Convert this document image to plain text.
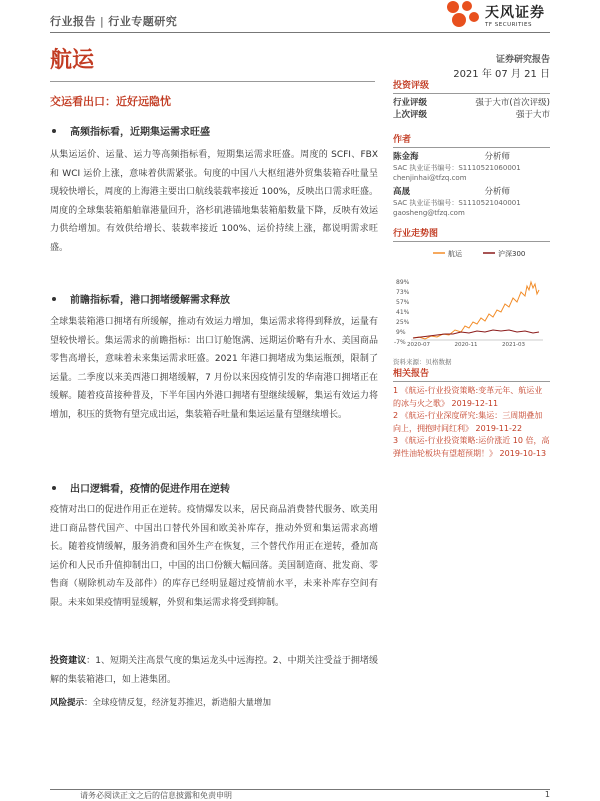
行业报告 | 行业专题研究
天风证券
TF SECURITIES
航运	证券研究报告
2021 年 07 月 21 日
交运看出口：近好远隐忧
高频指标看，近期集运需求旺盛
从集运运价、运量、运力等高频指标看，短期集运需求旺盛。周度的 SCFI、FBX 和 WCI 运价上涨，意味着供需紧张。旬度的中国八大枢纽港外贸集装箱吞吐量呈现较快增长，周度的上海港主要出口航线装载率接近 100%，反映出口需求旺盛。周度的全球集装箱船舶靠港量回升，洛杉矶港锚地集装箱船数量下降，反映有效运力供给增加。有效供给增长、装载率接近 100%、运价持续上涨，都说明需求旺盛。
前瞻指标看，港口拥堵缓解需求释放
全球集装箱港口拥堵有所缓解，推动有效运力增加，集运需求将得到释放，运量有望较快增长。集运需求的前瞻指标：出口订舱饱满、远期运价略有升水、美国商品零售高增长，意味着未来集运需求旺盛。2021 年港口拥堵成为集运瓶颈，限制了运量。二季度以来美西港口拥堵缓解，7 月份以来因疫情引发的华南港口拥堵正在缓解。随着疫苗接种普及，下半年国内外港口拥堵有望继续缓解，集运有效运力将增加，积压的货物有望完成出运，集装箱吞吐量和集运运量有望继续增长。
出口逻辑看，疫情的促进作用在逆转
疫情对出口的促进作用正在逆转。疫情爆发以来，居民商品消费替代服务、欧美用进口商品替代国产、中国出口替代外国和欧美补库存，推动外贸和集运需求高增长。随着疫情缓解，服务消费和国外生产在恢复，三个替代作用正在逆转，叠加高运价和人民币升值抑制出口，中国的出口份额大幅回落。美国制造商、批发商、零售商（剔除机动车及部件）的库存已经明显超过疫情前水平，未来补库存空间有限。未来如果疫情明显缓解，外贸和集运需求将受到抑制。
投资建议：1、短期关注高景气度的集运龙头中远海控。2、中期关注受益于拥堵缓解的集装箱港口，如上港集团。
风险提示：全球疫情反复，经济复苏推迟，新造船大量增加
投资评级
行业评级	强于大市(首次评级)
上次评级	强于大市
作者
陈金海	分析师
SAC 执业证书编号：S1110521060001
chenjinhai@tfzq.com
高晟	分析师
SAC 执业证书编号：S1110521040001
gaosheng@tfzq.com
行业走势图
航运	沪深300
89%
73%
57%
41%
25%
9%
-7% 2020-07	2020-11	2021-03
资料来源：贝格数据
相关报告
1 《航运-行业投资策略:变革元年、航运业的冰与火之歌》 2019-12-11
2 《航运-行业深度研究:集运：三周期叠加向上，拥抱时间红利》 2019-11-22
3 《航运-行业投资策略:运价涨近 10 倍，高弹性油轮板块有望超预期！》 2019-10-13
请务必阅读正文之后的信息披露和免责申明	1
